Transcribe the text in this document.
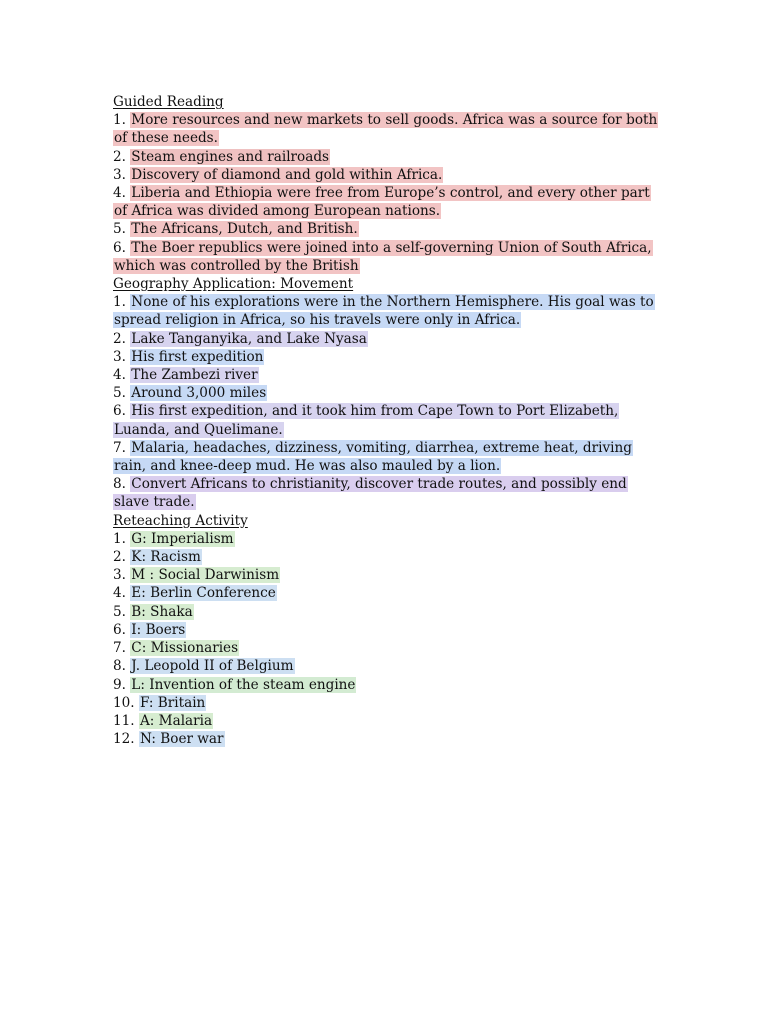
Guided Reading
1. More resources and new markets to sell goods. Africa was a source for both of these needs.
2. Steam engines and railroads
3. Discovery of diamond and gold within Africa.
4. Liberia and Ethiopia were free from Europe’s control, and every other part of Africa was divided among European nations.
5. The Africans, Dutch, and British.
6. The Boer republics were joined into a self-governing Union of South Africa, which was controlled by the British
Geography Application: Movement
1. None of his explorations were in the Northern Hemisphere. His goal was to spread religion in Africa, so his travels were only in Africa.
2. Lake Tanganyika, and Lake Nyasa
3. His first expedition
4. The Zambezi river
5. Around 3,000 miles
6. His first expedition, and it took him from Cape Town to Port Elizabeth, Luanda, and Quelimane.
7. Malaria, headaches, dizziness, vomiting, diarrhea, extreme heat, driving rain, and knee-deep mud. He was also mauled by a lion.
8. Convert Africans to christianity, discover trade routes, and possibly end slave trade.
Reteaching Activity
1. G: Imperialism
2. K: Racism
3. M : Social Darwinism
4. E: Berlin Conference
5. B: Shaka
6. I: Boers
7. C: Missionaries
8. J. Leopold II of Belgium
9. L: Invention of the steam engine
10. F: Britain
11. A: Malaria
12. N: Boer war
